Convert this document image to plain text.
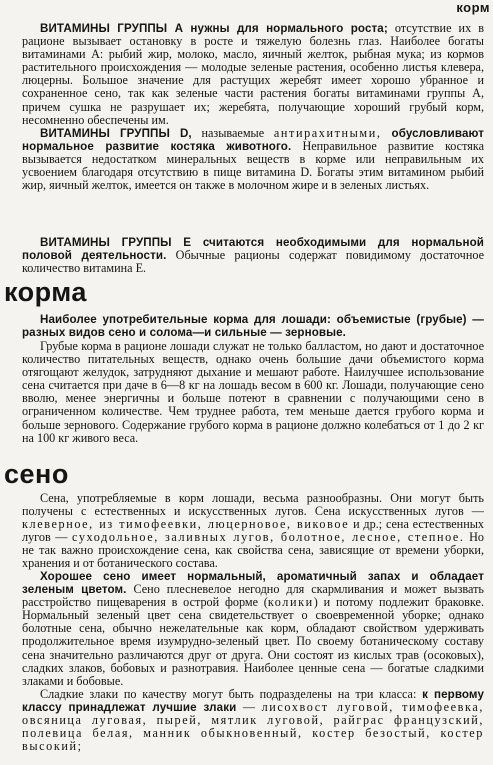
корм

ВИТАМИНЫ ГРУППЫ А нужны для нормального роста; отсутствие их в рационе вызывает остановку в росте и тяжелую болезнь глаз. Наиболее богаты витаминами А: рыбий жир, молоко, масло, яичный желток, рыбная мука; из кормов растительного происхождения — молодые зеленые растения, особенно листья клевера, люцерны. Большое значение для растущих жеребят имеет хорошо убранное и сохраненное сено, так как зеленые части растения богаты витаминами группы А, причем сушка не разрушает их; жеребята, получающие хороший грубый корм, несомненно обеспечены им.

ВИТАМИНЫ ГРУППЫ D, называемые антирахитными, обусловливают нормальное развитие костяка животного. Неправильное развитие костяка вызывается недостатком минеральных веществ в корме или неправильным их усвоением благодаря отсутствию в пище витамина D. Богаты этим витамином рыбий жир, яичный желток, имеется он также в молочном жире и в зеленых листьях.

ВИТАМИНЫ ГРУППЫ Е считаются необходимыми для нормальной половой деятельности. Обычные рационы содержат повидимому достаточное количество витамина Е.

корма

Наиболее употребительные корма для лошади: объемистые (грубые) — разных видов сено и солома—и сильные — зерновые.

Грубые корма в рационе лошади служат не только балластом, но дают и достаточное количество питательных веществ, однако очень большие дачи объемистого корма отягощают желудок, затрудняют дыхание и мешают работе. Наилучшее использование сена считается при даче в 6—8 кг на лошадь весом в 600 кг. Лошади, получающие сено вволю, менее энергичны и больше потеют в сравнении с получающими сено в ограниченном количестве. Чем труднее работа, тем меньше дается грубого корма и больше зернового. Содержание грубого корма в рационе должно колебаться от 1 до 2 кг на 100 кг живого веса.

сено

Сена, употребляемые в корм лошади, весьма разнообразны. Они могут быть получены с естественных и искусственных лугов. Сена искусственных лугов — клеверное, из тимофеевки, люцерновое, виковое и др.; сена естественных лугов — суходольное, заливных лугов, болотное, лесное, степное. Но не так важно происхождение сена, как свойства сена, зависящие от времени уборки, хранения и от ботанического состава.

Хорошее сено имеет нормальный, ароматичный запах и обладает зеленым цветом. Сено плесневелое негодно для скармливания и может вызвать расстройство пищеварения в острой форме (колики) и потому подлежит браковке. Нормальный зеленый цвет сена свидетельствует о своевременной уборке; однако болотные сена, обычно нежелательные как корм, обладают свойством удерживать продолжительное время изумрудно-зеленый цвет. По своему ботаническому составу сена значительно различаются друг от друга. Они состоят из кислых трав (осоковых), сладких злаков, бобовых и разнотравия. Наиболее ценные сена — богатые сладкими злаками и бобовые.

Сладкие злаки по качеству могут быть подразделены на три класса: к первому классу принадлежат лучшие злаки — лисохвост луговой, тимофеевка, овсяница луговая, пырей, мятлик луговой, райграс французский, полевица белая, манник обыкновенный, костер безостый, костер высокий;
